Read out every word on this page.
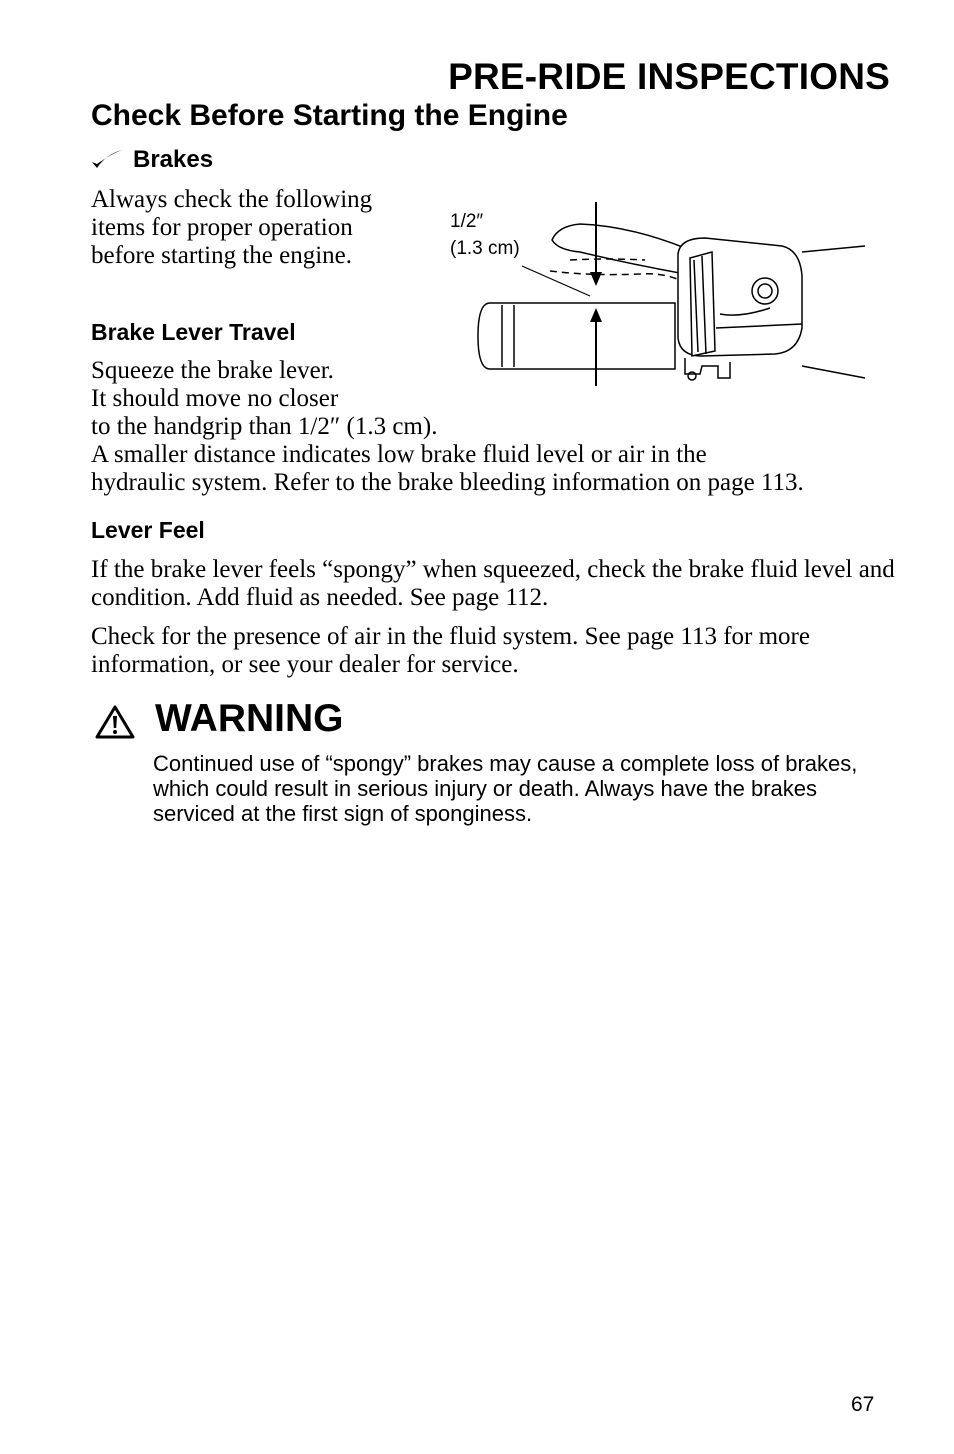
PRE-RIDE INSPECTIONS
Check Before Starting the Engine
Brakes

Always check the following items for proper operation before starting the engine.

1/2″
(1.3 cm)
Brake Lever Travel
Squeeze the brake lever.
It should move no closer
to the handgrip than 1/2″ (1.3 cm).
A smaller distance indicates low brake fluid level or air in the
hydraulic system. Refer to the brake bleeding information on page 113.
Lever Feel

If the brake lever feels “spongy” when squeezed, check the brake fluid level and condition. Add fluid as needed. See page 112.

Check for the presence of air in the fluid system. See page 113 for more information, or see your dealer for service.

WARNING

Continued use of “spongy” brakes may cause a complete loss of brakes, which could result in serious injury or death. Always have the brakes serviced at the first sign of sponginess.

67
